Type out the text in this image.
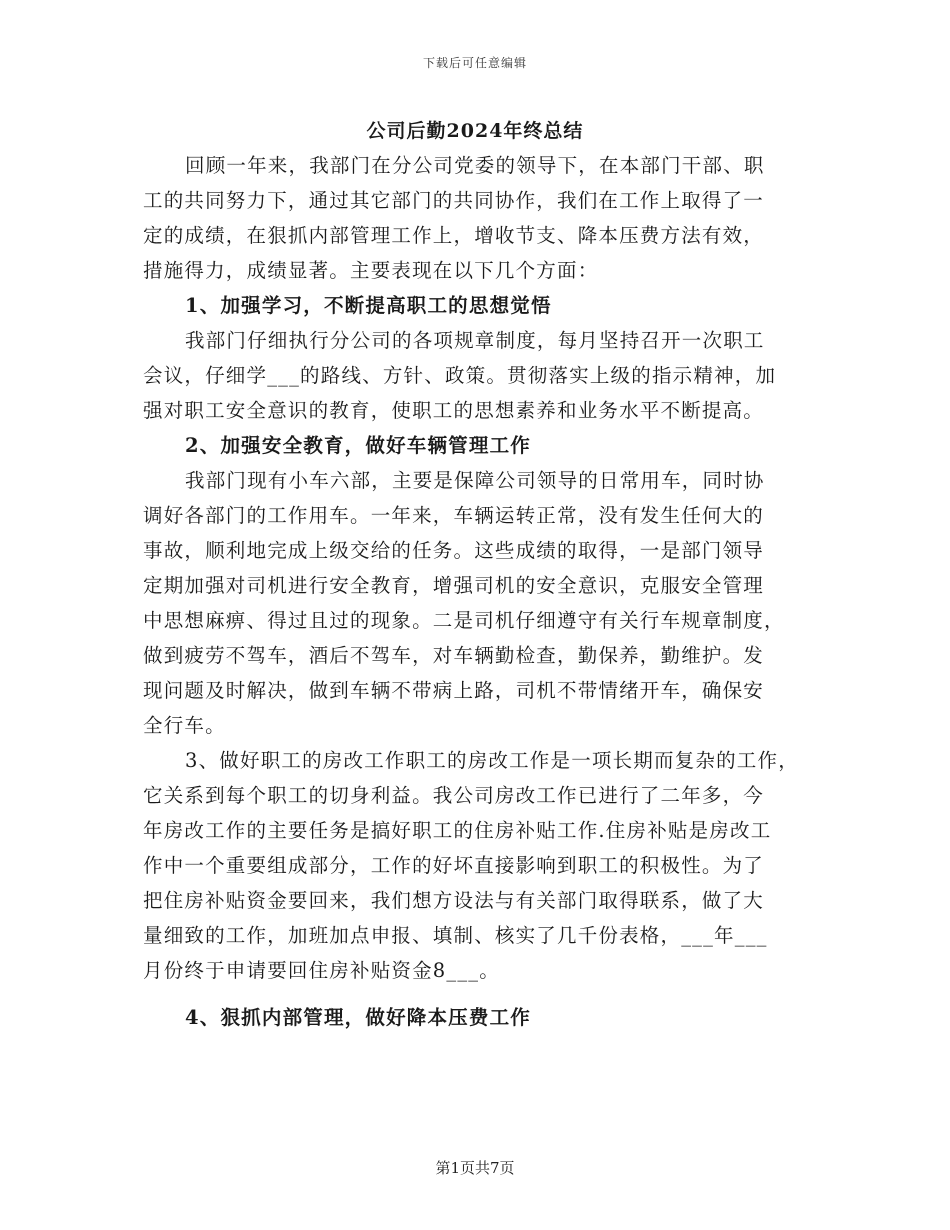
下载后可任意编辑
公司后勤2024年终总结
回顾一年来，我部门在分公司党委的领导下，在本部门干部、职
工的共同努力下，通过其它部门的共同协作，我们在工作上取得了一
定的成绩，在狠抓内部管理工作上，增收节支、降本压费方法有效，
措施得力，成绩显著。主要表现在以下几个方面：
1、加强学习，不断提高职工的思想觉悟
我部门仔细执行分公司的各项规章制度，每月坚持召开一次职工
会议，仔细学___的路线、方针、政策。贯彻落实上级的指示精神，加
强对职工安全意识的教育，使职工的思想素养和业务水平不断提高。
2、加强安全教育，做好车辆管理工作
我部门现有小车六部，主要是保障公司领导的日常用车，同时协
调好各部门的工作用车。一年来，车辆运转正常，没有发生任何大的
事故，顺利地完成上级交给的任务。这些成绩的取得，一是部门领导
定期加强对司机进行安全教育，增强司机的安全意识，克服安全管理
中思想麻痹、得过且过的现象。二是司机仔细遵守有关行车规章制度，
做到疲劳不驾车，酒后不驾车，对车辆勤检查，勤保养，勤维护。发
现问题及时解决，做到车辆不带病上路，司机不带情绪开车，确保安
全行车。
3、做好职工的房改工作职工的房改工作是一项长期而复杂的工作，
它关系到每个职工的切身利益。我公司房改工作已进行了二年多，今
年房改工作的主要任务是搞好职工的住房补贴工作.住房补贴是房改工
作中一个重要组成部分，工作的好坏直接影响到职工的积极性。为了
把住房补贴资金要回来，我们想方设法与有关部门取得联系，做了大
量细致的工作，加班加点申报、填制、核实了几千份表格，___年___
月份终于申请要回住房补贴资金8___。
4、狠抓内部管理，做好降本压费工作
第1页共7页
